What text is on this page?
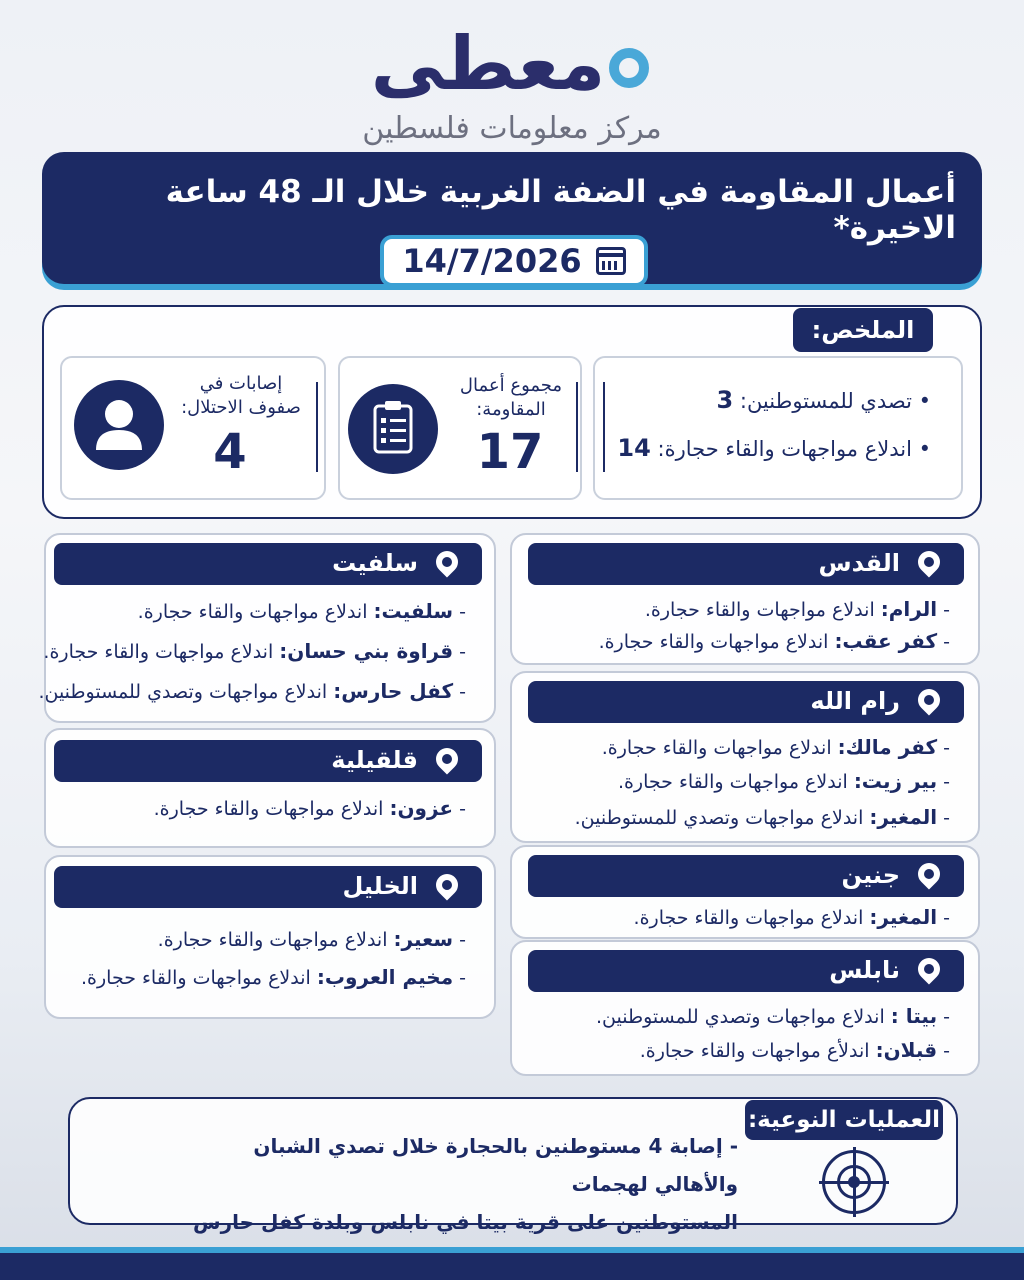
معطى
مركز معلومات فلسطين
أعمال المقاومة في الضفة الغربية خلال الـ 48 ساعة الاخيرة*
14/7/2026
الملخص:
• تصدي للمستوطنين: 3
• اندلاع مواجهات والقاء حجارة: 14
مجموع أعمال
المقاومة:
17
إصابات في
صفوف الاحتلال:
4
القدس
- الرام: اندلاع مواجهات والقاء حجارة.
- كفر عقب: اندلاع مواجهات والقاء حجارة.
رام الله
- كفر مالك: اندلاع مواجهات والقاء حجارة.
- بير زيت: اندلاع مواجهات والقاء حجارة.
- المغير: اندلاع مواجهات وتصدي للمستوطنين.
جنين
- المغير: اندلاع مواجهات والقاء حجارة.
نابلس
- بيتا : اندلاع مواجهات وتصدي للمستوطنين.
- قبلان: اندلأع مواجهات والقاء حجارة.
سلفيت
- سلفيت: اندلاع مواجهات والقاء حجارة.
- قراوة بني حسان: اندلاع مواجهات والقاء حجارة.
- كفل حارس: اندلاع مواجهات وتصدي للمستوطنين.
قلقيلية
- عزون: اندلاع مواجهات والقاء حجارة.
الخليل
- سعير: اندلاع مواجهات والقاء حجارة.
- مخيم العروب: اندلاع مواجهات والقاء حجارة.
العمليات النوعية:
- إصابة 4 مستوطنين بالحجارة خلال تصدي الشبان والأهالي لهجمات
المستوطنين على قرية بيتا في نابلس وبلدة كفل حارس
